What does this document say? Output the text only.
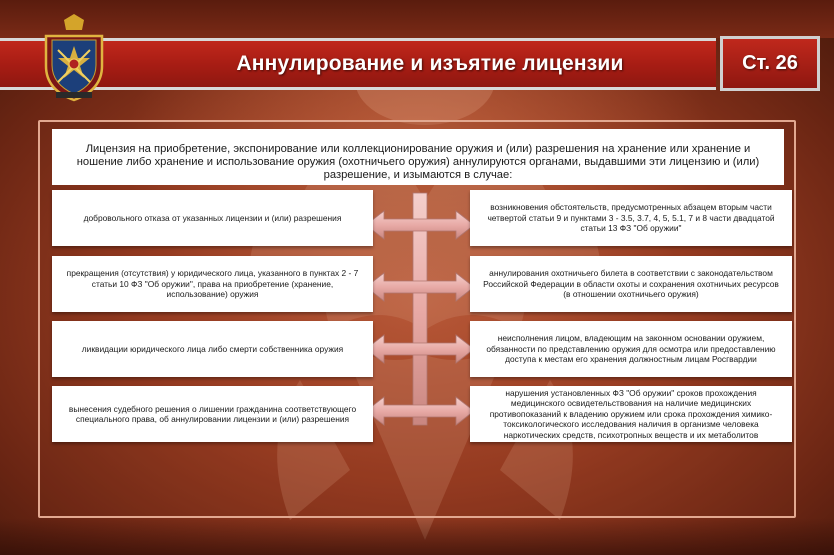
Аннулирование и изъятие лицензии	Ст. 26
Лицензия на приобретение, экспонирование или коллекционирование оружия и (или) разрешения на хранение или хранение и ношение либо хранение и использование оружия (охотничьего оружия) аннулируются органами, выдавшими эти лицензию и (или) разрешение, и изымаются в случае:
добровольного отказа от указанных лицензии и (или) разрешения
прекращения (отсутствия) у юридического лица, указанного в пунктах 2 - 7 статьи 10 ФЗ "Об оружии", права на приобретение (хранение, использование) оружия
ликвидации юридического лица либо смерти собственника оружия
вынесения судебного решения о лишении гражданина соответствующего специального права, об аннулировании лицензии и (или) разрешения
возникновения обстоятельств, предусмотренных абзацем вторым части четвертой статьи 9 и пунктами 3 - 3.5, 3.7, 4, 5, 5.1, 7 и 8 части двадцатой статьи 13 ФЗ "Об оружии"
аннулирования охотничьего билета в соответствии с законодательством Российской Федерации в области охоты и сохранения охотничьих ресурсов (в отношении охотничьего оружия)
неисполнения лицом, владеющим на законном основании оружием, обязанности по представлению оружия для осмотра или предоставлению доступа к местам его хранения должностным лицам Росгвардии
нарушения установленных ФЗ "Об оружии" сроков прохождения медицинского освидетельствования на наличие медицинских противопоказаний к владению оружием или срока прохождения химико-токсикологического исследования наличия в организме человека наркотических средств, психотропных веществ и их метаболитов
